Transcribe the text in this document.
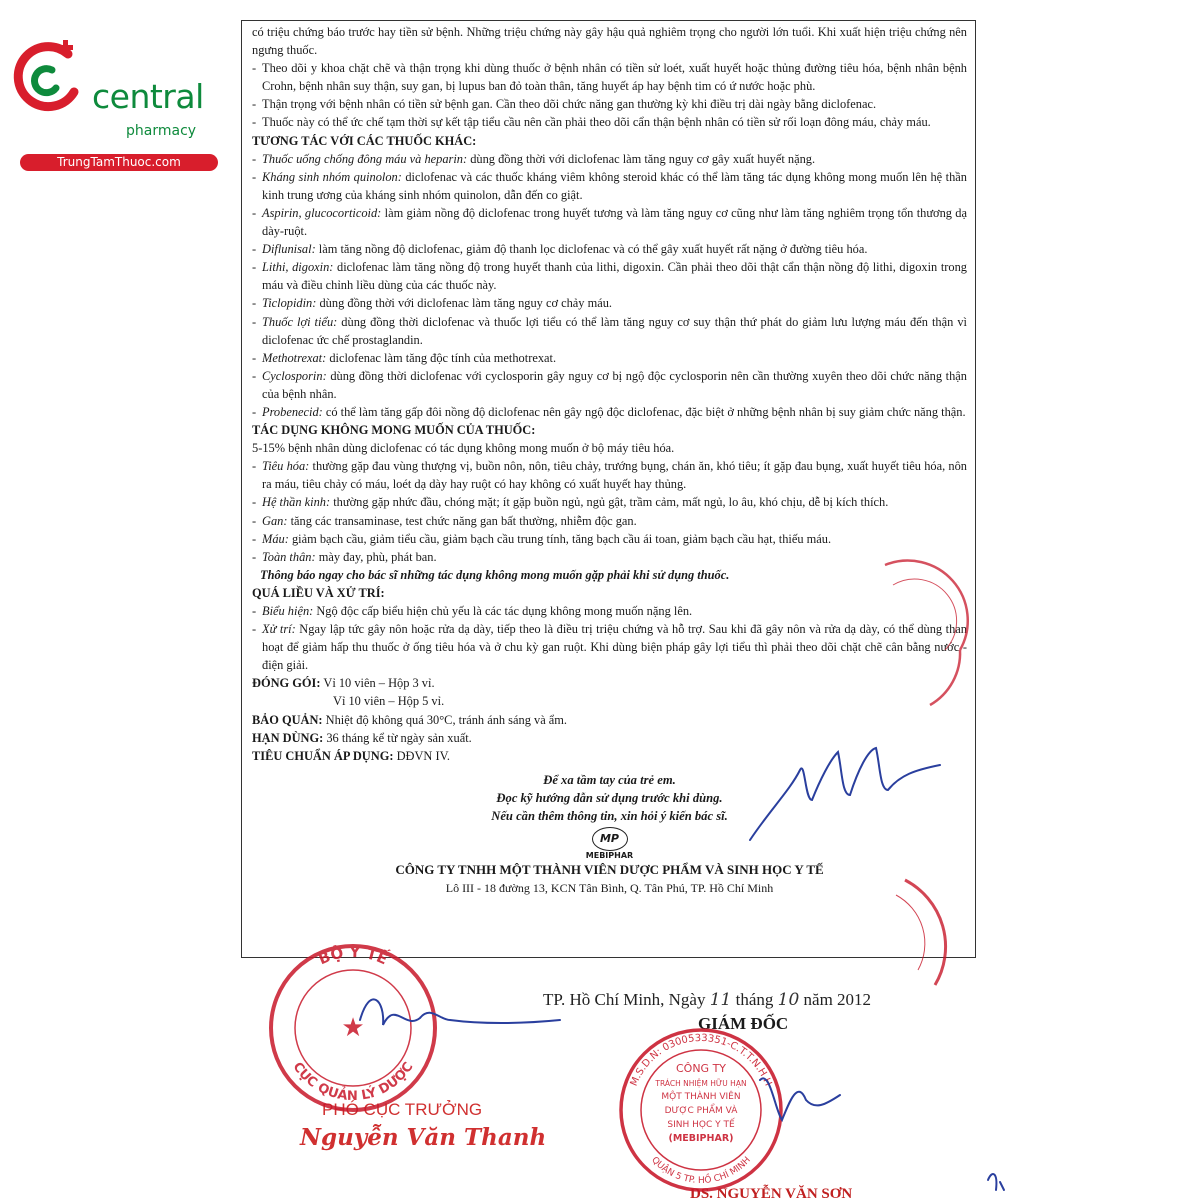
central
pharmacy
TrungTamThuoc.com

có triệu chứng báo trước hay tiền sử bệnh. Những triệu chứng này gây hậu quả nghiêm trọng cho người lớn tuổi. Khi xuất hiện triệu chứng nên ngưng thuốc.

- Theo dõi y khoa chặt chẽ và thận trọng khi dùng thuốc ở bệnh nhân có tiền sử loét, xuất huyết hoặc thủng đường tiêu hóa, bệnh nhân bệnh Crohn, bệnh nhân suy thận, suy gan, bị lupus ban đỏ toàn thân, tăng huyết áp hay bệnh tim có ứ nước hoặc phù.

- Thận trọng với bệnh nhân có tiền sử bệnh gan. Cần theo dõi chức năng gan thường kỳ khi điều trị dài ngày bằng diclofenac.

- Thuốc này có thể ức chế tạm thời sự kết tập tiểu cầu nên cần phải theo dõi cẩn thận bệnh nhân có tiền sử rối loạn đông máu, chảy máu.

TƯƠNG TÁC VỚI CÁC THUỐC KHÁC:

- Thuốc uống chống đông máu và heparin: dùng đồng thời với diclofenac làm tăng nguy cơ gây xuất huyết nặng.

- Kháng sinh nhóm quinolon: diclofenac và các thuốc kháng viêm không steroid khác có thể làm tăng tác dụng không mong muốn lên hệ thần kinh trung ương của kháng sinh nhóm quinolon, dẫn đến co giật.

- Aspirin, glucocorticoid: làm giảm nồng độ diclofenac trong huyết tương và làm tăng nguy cơ cũng như làm tăng nghiêm trọng tổn thương dạ dày-ruột.

- Diflunisal: làm tăng nồng độ diclofenac, giảm độ thanh lọc diclofenac và có thể gây xuất huyết rất nặng ở đường tiêu hóa.

- Lithi, digoxin: diclofenac làm tăng nồng độ trong huyết thanh của lithi, digoxin. Cần phải theo dõi thật cẩn thận nồng độ lithi, digoxin trong máu và điều chỉnh liều dùng của các thuốc này.

- Ticlopidin: dùng đồng thời với diclofenac làm tăng nguy cơ chảy máu.

- Thuốc lợi tiểu: dùng đồng thời diclofenac và thuốc lợi tiểu có thể làm tăng nguy cơ suy thận thứ phát do giảm lưu lượng máu đến thận vì diclofenac ức chế prostaglandin.

- Methotrexat: diclofenac làm tăng độc tính của methotrexat.

- Cyclosporin: dùng đồng thời diclofenac với cyclosporin gây nguy cơ bị ngộ độc cyclosporin nên cần thường xuyên theo dõi chức năng thận của bệnh nhân.

- Probenecid: có thể làm tăng gấp đôi nồng độ diclofenac nên gây ngộ độc diclofenac, đặc biệt ở những bệnh nhân bị suy giảm chức năng thận.

TÁC DỤNG KHÔNG MONG MUỐN CỦA THUỐC:

5-15% bệnh nhân dùng diclofenac có tác dụng không mong muốn ở bộ máy tiêu hóa.

- Tiêu hóa: thường gặp đau vùng thượng vị, buồn nôn, nôn, tiêu chảy, trướng bụng, chán ăn, khó tiêu; ít gặp đau bụng, xuất huyết tiêu hóa, nôn ra máu, tiêu chảy có máu, loét dạ dày hay ruột có hay không có xuất huyết hay thủng.

- Hệ thần kinh: thường gặp nhức đầu, chóng mặt; ít gặp buồn ngủ, ngủ gật, trầm cảm, mất ngủ, lo âu, khó chịu, dễ bị kích thích.

- Gan: tăng các transaminase, test chức năng gan bất thường, nhiễm độc gan.

- Máu: giảm bạch cầu, giảm tiểu cầu, giảm bạch cầu trung tính, tăng bạch cầu ái toan, giảm bạch cầu hạt, thiếu máu.

- Toàn thân: mày đay, phù, phát ban.

Thông báo ngay cho bác sĩ những tác dụng không mong muốn gặp phải khi sử dụng thuốc.

QUÁ LIỀU VÀ XỬ TRÍ:

- Biểu hiện: Ngộ độc cấp biểu hiện chủ yếu là các tác dụng không mong muốn nặng lên.

- Xử trí: Ngay lập tức gây nôn hoặc rửa dạ dày, tiếp theo là điều trị triệu chứng và hỗ trợ. Sau khi đã gây nôn và rửa dạ dày, có thể dùng than hoạt để giảm hấp thu thuốc ở ống tiêu hóa và ở chu kỳ gan ruột. Khi dùng biện pháp gây lợi tiểu thì phải theo dõi chặt chẽ cân bằng nước - điện giải.

ĐÓNG GÓI: Vỉ 10 viên – Hộp 3 vỉ.

Vỉ 10 viên – Hộp 5 vỉ.

BẢO QUẢN: Nhiệt độ không quá 30°C, tránh ánh sáng và ẩm.

HẠN DÙNG: 36 tháng kể từ ngày sản xuất.

TIÊU CHUẨN ÁP DỤNG: DĐVN IV.

Để xa tầm tay của trẻ em.

Đọc kỹ hướng dẫn sử dụng trước khi dùng.

Nếu cần thêm thông tin, xin hỏi ý kiến bác sĩ.

MP
MEBIPHAR

CÔNG TY TNHH MỘT THÀNH VIÊN DƯỢC PHẨM VÀ SINH HỌC Y TẾ

Lô III - 18 đường 13, KCN Tân Bình, Q. Tân Phú, TP. Hồ Chí Minh

TP. Hồ Chí Minh, Ngày 11 tháng 10 năm 2012
GIÁM ĐỐC
PHÓ CỤC TRƯỞNG
Nguyễn Văn Thanh
DS. NGUYỄN VĂN SƠN
BỘ Y TẾ
CỤC QUẢN LÝ DƯỢC
★
M.S.D.N: 0300533351-C.T.T.N.H.H
QUẬN 5 TP. HỒ CHÍ MINH
CÔNG TY
TRÁCH NHIỆM HỮU HẠN
MỘT THÀNH VIÊN
DƯỢC PHẨM VÀ
SINH HỌC Y TẾ
(MEBIPHAR)
